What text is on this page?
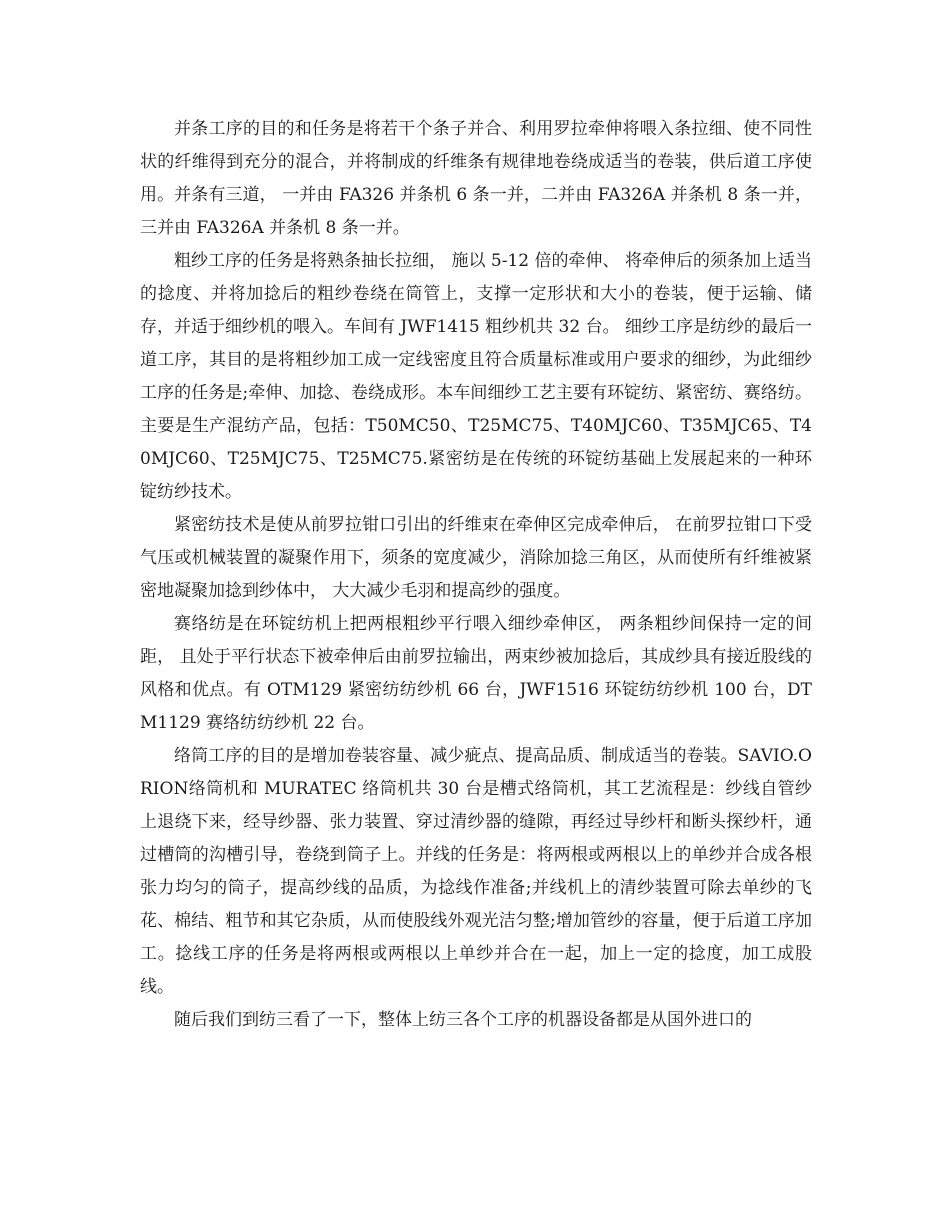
并条工序的目的和任务是将若干个条子并合、利用罗拉牵伸将喂入条拉细、使不同性状的纤维得到充分的混合，并将制成的纤维条有规律地卷绕成适当的卷装，供后道工序使用。并条有三道， 一并由 FA326 并条机 6 条一并，二并由 FA326A 并条机 8 条一并， 三并由 FA326A 并条机 8 条一并。

粗纱工序的任务是将熟条抽长拉细， 施以 5-12 倍的牵伸、 将牵伸后的须条加上适当的捻度、并将加捻后的粗纱卷绕在筒管上，支撑一定形状和大小的卷装，便于运输、储存，并适于细纱机的喂入。车间有 JWF1415 粗纱机共 32 台。 细纱工序是纺纱的最后一道工序，其目的是将粗纱加工成一定线密度且符合质量标准或用户要求的细纱，为此细纱工序的任务是;牵伸、加捻、卷绕成形。本车间细纱工艺主要有环锭纺、紧密纺、赛络纺。主要是生产混纺产品，包括：T50MC50、T25MC75、T40MJC60、T35MJC65、T40MJC60、T25MJC75、T25MC75.紧密纺是在传统的环锭纺基础上发展起来的一种环锭纺纱技术。

紧密纺技术是使从前罗拉钳口引出的纤维束在牵伸区完成牵伸后， 在前罗拉钳口下受气压或机械装置的凝聚作用下，须条的宽度减少，消除加捻三角区，从而使所有纤维被紧密地凝聚加捻到纱体中， 大大减少毛羽和提高纱的强度。

赛络纺是在环锭纺机上把两根粗纱平行喂入细纱牵伸区， 两条粗纱间保持一定的间距， 且处于平行状态下被牵伸后由前罗拉输出，两束纱被加捻后，其成纱具有接近股线的风格和优点。有 OTM129 紧密纺纺纱机 66 台，JWF1516 环锭纺纺纱机 100 台，DTM1129 赛络纺纺纱机 22 台。

络筒工序的目的是增加卷装容量、减少疵点、提高品质、制成适当的卷装。SAVIO.ORION络筒机和 MURATEC 络筒机共 30 台是槽式络筒机，其工艺流程是：纱线自管纱上退绕下来，经导纱器、张力装置、穿过清纱器的缝隙，再经过导纱杆和断头探纱杆，通过槽筒的沟槽引导，卷绕到筒子上。并线的任务是：将两根或两根以上的单纱并合成各根张力均匀的筒子，提高纱线的品质，为捻线作准备;并线机上的清纱装置可除去单纱的飞花、棉结、粗节和其它杂质，从而使股线外观光洁匀整;增加管纱的容量，便于后道工序加工。捻线工序的任务是将两根或两根以上单纱并合在一起，加上一定的捻度，加工成股线。

随后我们到纺三看了一下，整体上纺三各个工序的机器设备都是从国外进口的
